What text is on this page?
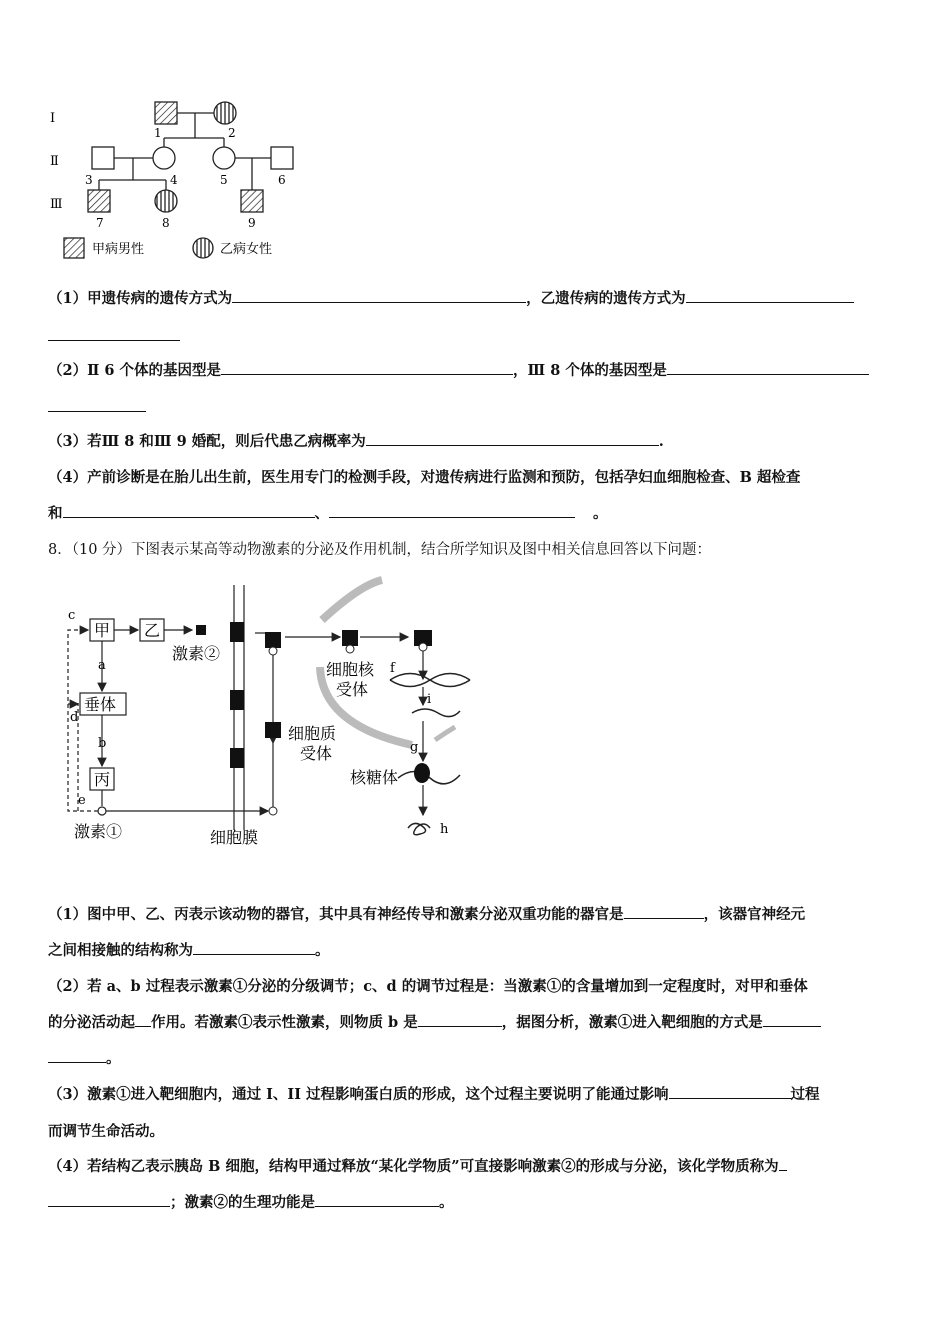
Ⅰ
Ⅱ
Ⅲ
1	2
3	4	5	6
7	8	9
甲病男性	乙病女性
（1）甲遗传病的遗传方式为	，乙遗传病的遗传方式为
（2）Ⅱ 6 个体的基因型是	，Ⅲ 8 个体的基因型是
（3）若Ⅲ 8 和Ⅲ 9 婚配，则后代患乙病概率为	.
（4）产前诊断是在胎儿出生前，医生用专门的检测手段，对遗传病进行监测和预防，包括孕妇血细胞检查、B 超检查
和	、	。
8．（10 分）下图表示某高等动物激素的分泌及作用机制，结合所学知识及图中相关信息回答以下问题：
甲 乙
垂体
丙
激素②
激素①	细胞膜
细胞核
受体
细胞质
受体
核糖体
c
a
d
b
e
f
g
h
i
（1）图中甲、乙、丙表示该动物的器官，其中具有神经传导和激素分泌双重功能的器官是	，该器官神经元
之间相接触的结构称为	。
（2）若 a、b 过程表示激素①分泌的分级调节；c、d 的调节过程是：当激素①的含量增加到一定程度时，对甲和垂体
的分泌活动起 作用。若激素①表示性激素，则物质 b 是	，据图分析，激素①进入靶细胞的方式是
。
（3）激素①进入靶细胞内，通过 I、II 过程影响蛋白质的形成，这个过程主要说明了能通过影响	过程
而调节生命活动。
（4）若结构乙表示胰岛 B 细胞，结构甲通过释放“某化学物质”可直接影响激素②的形成与分泌，该化学物质称为
；激素②的生理功能是	。
